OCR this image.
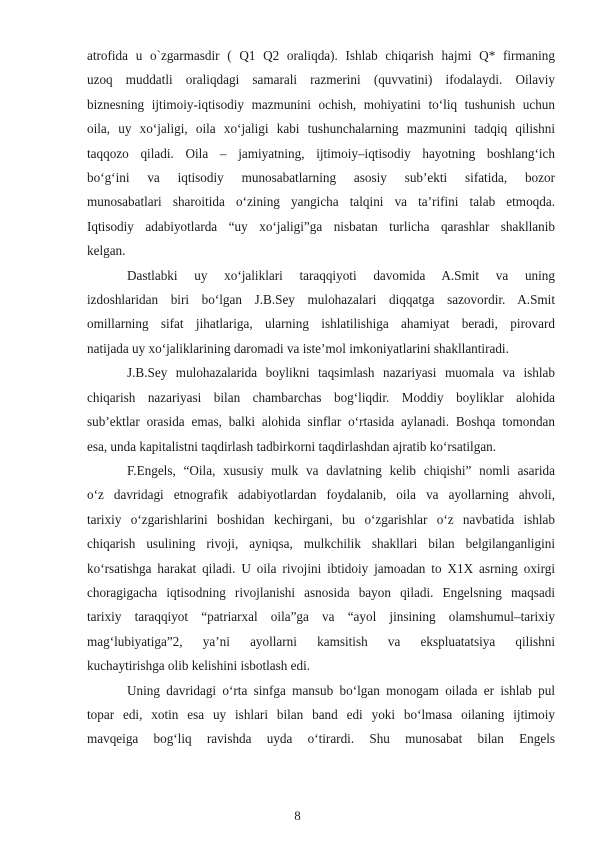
atrofida u o`zgarmasdir ( Q1 Q2 oraliqda). Ishlab chiqarish hajmi Q* firmaning
uzoq muddatli oraliqdagi samarali razmerini (quvvatini) ifodalaydi. Oilaviy
biznesning ijtimoiy-iqtisodiy mazmunini ochish, mohiyatini to‘liq tushunish uchun
oila, uy xo‘jaligi, oila xo‘jaligi kabi tushunchalarning mazmunini tadqiq qilishni
taqqozo qiladi. Oila – jamiyatning, ijtimoiy–iqtisodiy hayotning boshlang‘ich
bo‘g‘ini va iqtisodiy munosabatlarning asosiy sub’ekti sifatida, bozor
munosabatlari sharoitida o‘zining yangicha talqini va ta’rifini talab etmoqda.
Iqtisodiy adabiyotlarda “uy xo‘jaligi”ga nisbatan turlicha qarashlar shakllanib
kelgan.
Dastlabki uy xo‘jaliklari taraqqiyoti davomida A.Smit va uning
izdoshlaridan biri bo‘lgan J.B.Sey mulohazalari diqqatga sazovordir. A.Smit
omillarning sifat jihatlariga, ularning ishlatilishiga ahamiyat beradi, pirovard
natijada uy xo‘jaliklarining daromadi va iste’mol imkoniyatlarini shakllantiradi.
J.B.Sey mulohazalarida boylikni taqsimlash nazariyasi muomala va ishlab
chiqarish nazariyasi bilan chambarchas bog‘liqdir. Moddiy boyliklar alohida
sub’ektlar orasida emas, balki alohida sinflar o‘rtasida aylanadi. Boshqa tomondan
esa, unda kapitalistni taqdirlash tadbirkorni taqdirlashdan ajratib ko‘rsatilgan.
F.Engels, “Oila, xususiy mulk va davlatning kelib chiqishi” nomli asarida
o‘z davridagi etnografik adabiyotlardan foydalanib, oila va ayollarning ahvoli,
tarixiy o‘zgarishlarini boshidan kechirgani, bu o‘zgarishlar o‘z navbatida ishlab
chiqarish usulining rivoji, ayniqsa, mulkchilik shakllari bilan belgilanganligini
ko‘rsatishga harakat qiladi. U oila rivojini ibtidoiy jamoadan to X1X asrning oxirgi
choragigacha iqtisodning rivojlanishi asnosida bayon qiladi. Engelsning maqsadi
tarixiy taraqqiyot “patriarxal oila”ga va “ayol jinsining olamshumul–tarixiy
mag‘lubiyatiga”2, ya’ni ayollarni kamsitish va ekspluatatsiya qilishni
kuchaytirishga olib kelishini isbotlash edi.
Uning davridagi o‘rta sinfga mansub bo‘lgan monogam oilada er ishlab pul
topar edi, xotin esa uy ishlari bilan band edi yoki bo‘lmasa oilaning ijtimoiy
mavqeiga bog‘liq ravishda uyda o‘tirardi. Shu munosabat bilan Engels
8
